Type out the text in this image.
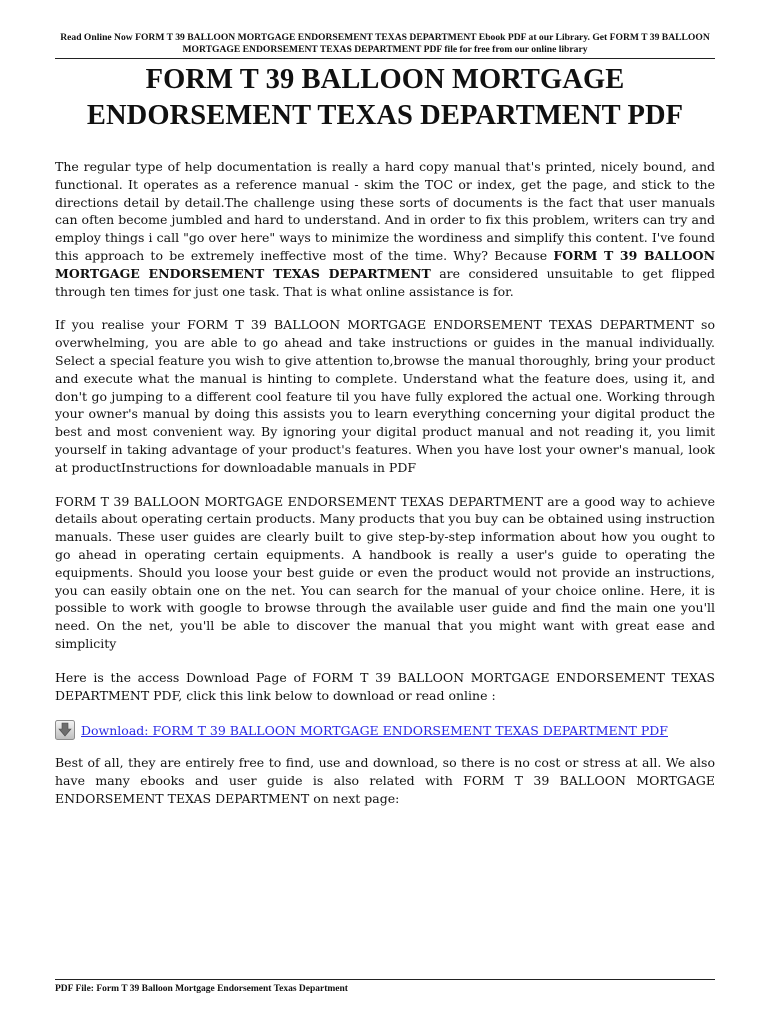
Read Online Now FORM T 39 BALLOON MORTGAGE ENDORSEMENT TEXAS DEPARTMENT Ebook PDF at our Library. Get FORM T 39 BALLOON MORTGAGE ENDORSEMENT TEXAS DEPARTMENT PDF file for free from our online library
FORM T 39 BALLOON MORTGAGE
ENDORSEMENT TEXAS DEPARTMENT PDF

The regular type of help documentation is really a hard copy manual that's printed, nicely bound, and functional. It operates as a reference manual - skim the TOC or index, get the page, and stick to the directions detail by detail.The challenge using these sorts of documents is the fact that user manuals can often become jumbled and hard to understand. And in order to fix this problem, writers can try and employ things i call "go over here" ways to minimize the wordiness and simplify this content. I've found this approach to be extremely ineffective most of the time. Why? Because FORM T 39 BALLOON MORTGAGE ENDORSEMENT TEXAS DEPARTMENT are considered unsuitable to get flipped through ten times for just one task. That is what online assistance is for.

If you realise your FORM T 39 BALLOON MORTGAGE ENDORSEMENT TEXAS DEPARTMENT so overwhelming, you are able to go ahead and take instructions or guides in the manual individually. Select a special feature you wish to give attention to,browse the manual thoroughly, bring your product and execute what the manual is hinting to complete. Understand what the feature does, using it, and don't go jumping to a different cool feature til you have fully explored the actual one. Working through your owner's manual by doing this assists you to learn everything concerning your digital product the best and most convenient way. By ignoring your digital product manual and not reading it, you limit yourself in taking advantage of your product's features. When you have lost your owner's manual, look at productInstructions for downloadable manuals in PDF

FORM T 39 BALLOON MORTGAGE ENDORSEMENT TEXAS DEPARTMENT are a good way to achieve details about operating certain products. Many products that you buy can be obtained using instruction manuals. These user guides are clearly built to give step-by-step information about how you ought to go ahead in operating certain equipments. A handbook is really a user's guide to operating the equipments. Should you loose your best guide or even the product would not provide an instructions, you can easily obtain one on the net. You can search for the manual of your choice online. Here, it is possible to work with google to browse through the available user guide and find the main one you'll need. On the net, you'll be able to discover the manual that you might want with great ease and simplicity

Here is the access Download Page of FORM T 39 BALLOON MORTGAGE ENDORSEMENT TEXAS DEPARTMENT PDF, click this link below to download or read online :

Download: FORM T 39 BALLOON MORTGAGE ENDORSEMENT TEXAS DEPARTMENT PDF

Best of all, they are entirely free to find, use and download, so there is no cost or stress at all. We also have many ebooks and user guide is also related with FORM T 39 BALLOON MORTGAGE ENDORSEMENT TEXAS DEPARTMENT on next page:

PDF File: Form T 39 Balloon Mortgage Endorsement Texas Department
